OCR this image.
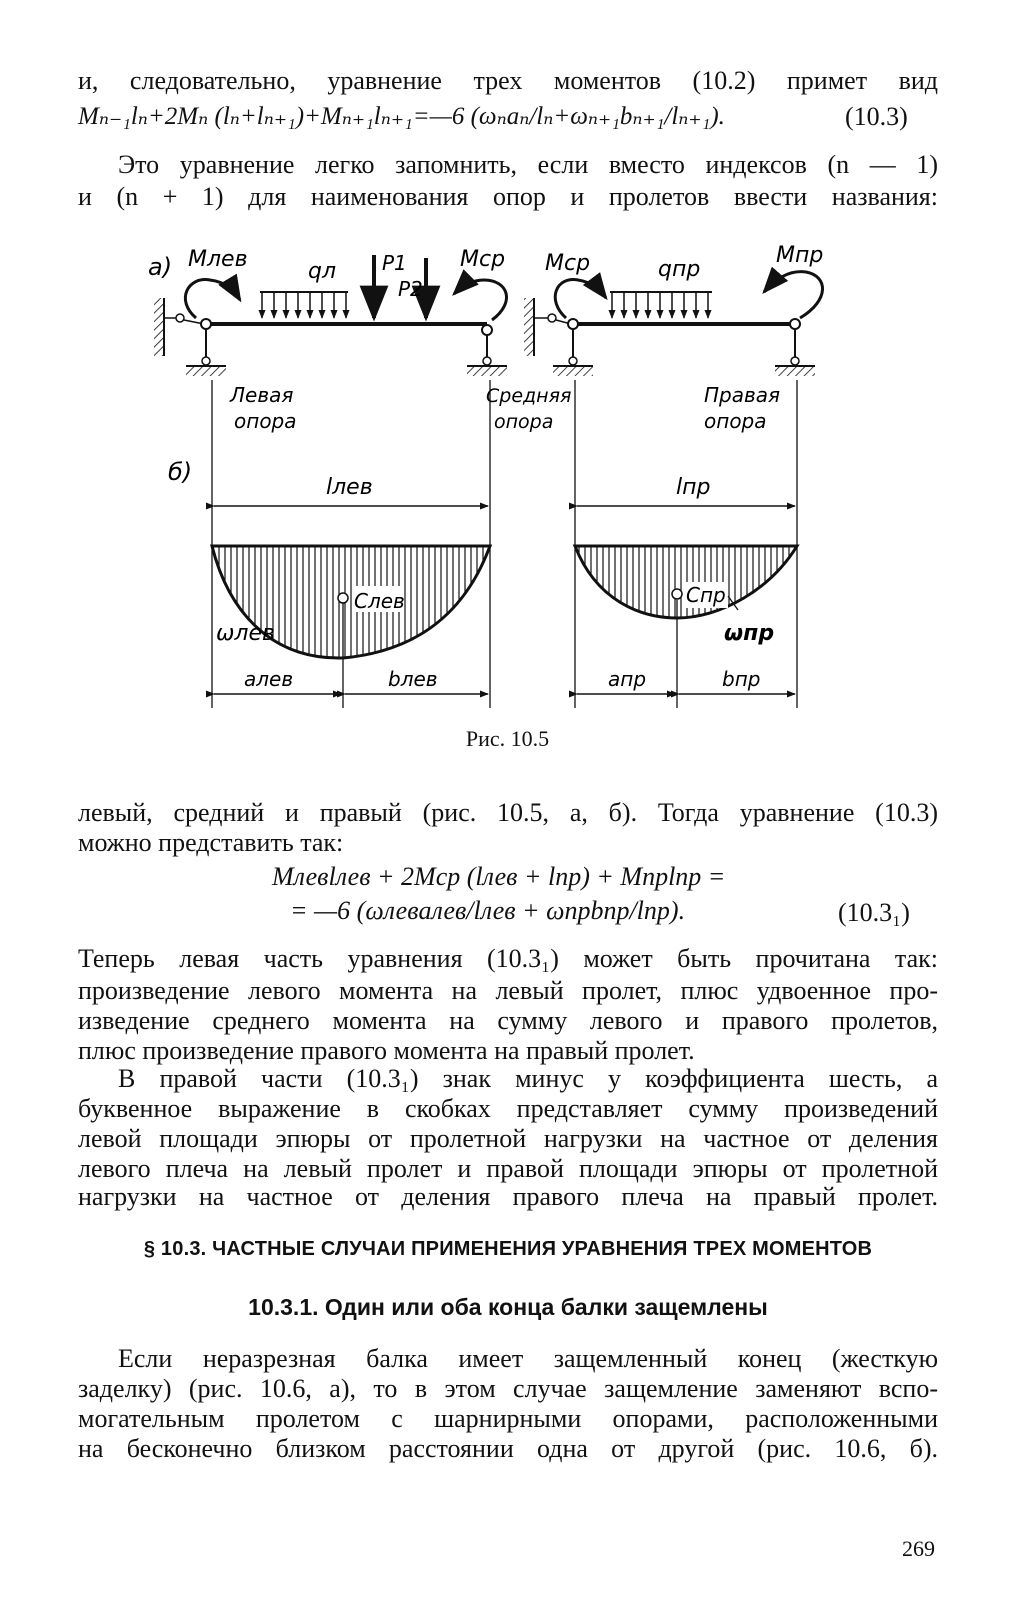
и, следовательно, уравнение трех моментов (10.2) примет вид
Mₙ₋₁lₙ+2Mₙ (lₙ+lₙ₊₁)+Mₙ₊₁lₙ₊₁=—6 (ωₙaₙ/lₙ+ωₙ₊₁bₙ₊₁/lₙ₊₁).	(10.3)
Это уравнение легко запомнить, если вместо индексов (n — 1)
и (n + 1) для наименования опор и пролетов ввести названия:
а)
б)
Mлев	qл P1
P2
Mср Mср	qпр
Mпр
Левая
опора
Средняя
опора
Правая
опора
lлев	lпр
Cлев	Cпр
ωлев	ωпр
aлев	bлев	aпр	bпр
Рис. 10.5
левый, средний и правый (рис. 10.5, а, б). Тогда уравнение (10.3)
можно представить так:
Mлевlлев + 2Mср (lлев + lпр) + Mпрlпр =
= —6 (ωлевaлев/lлев + ωпрbпр/lпр).	(10.3₁)
Теперь левая часть уравнения (10.3₁) может быть прочитана так:
произведение левого момента на левый пролет, плюс удвоенное про-
изведение среднего момента на сумму левого и правого пролетов,
плюс произведение правого момента на правый пролет.
В правой части (10.3₁) знак минус у коэффициента шесть, а
буквенное выражение в скобках представляет сумму произведений
левой площади эпюры от пролетной нагрузки на частное от деления
левого плеча на левый пролет и правой площади эпюры от пролетной
нагрузки на частное от деления правого плеча на правый пролет.
§ 10.3. ЧАСТНЫЕ СЛУЧАИ ПРИМЕНЕНИЯ УРАВНЕНИЯ ТРЕХ МОМЕНТОВ
10.3.1. Один или оба конца балки защемлены
Если неразрезная балка имеет защемленный конец (жесткую
заделку) (рис. 10.6, а), то в этом случае защемление заменяют вспо-
могательным пролетом с шарнирными опорами, расположенными
на бесконечно близком расстоянии одна от другой (рис. 10.6, б).
269
